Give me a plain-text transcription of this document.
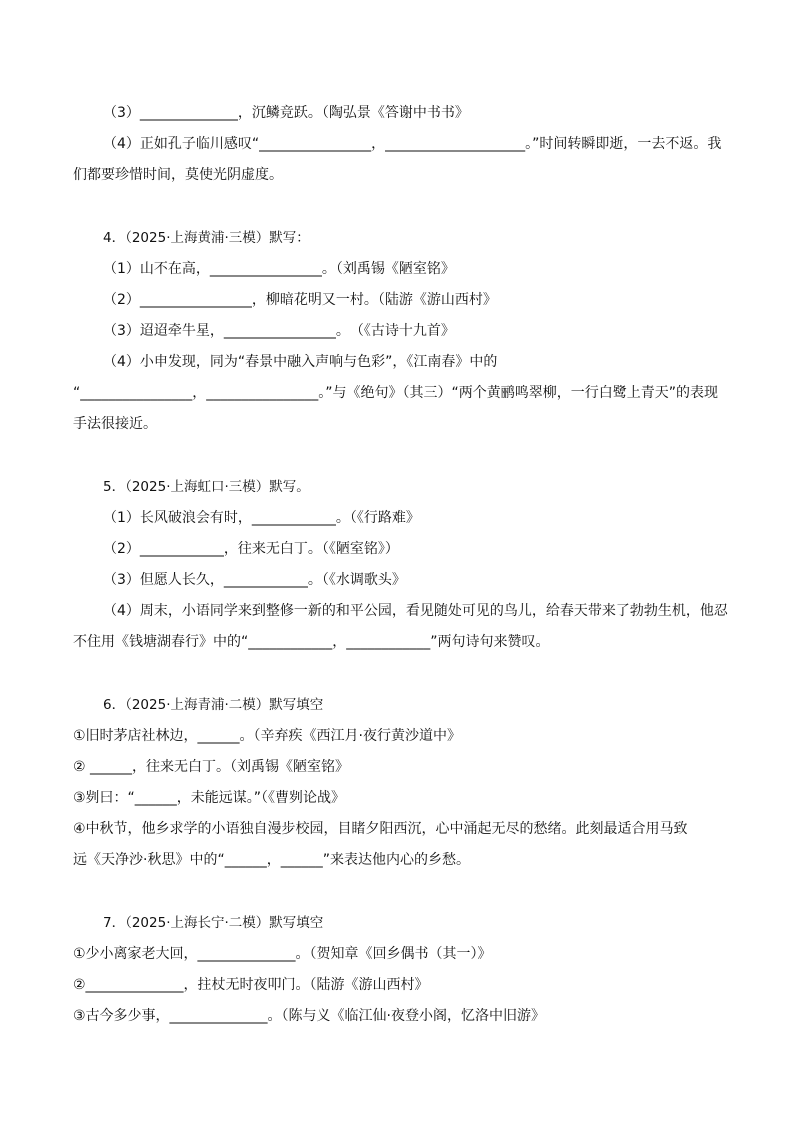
（3）______________，沉鳞竞跃。（陶弘景《答谢中书书》
（4）正如孔子临川感叹“________________，____________________。”时间转瞬即逝，一去不返。我
们都要珍惜时间，莫使光阴虚度。
4．（2025·上海黄浦·三模）默写：
（1）山不在高，________________。（刘禹锡《陋室铭》
（2）________________，柳暗花明又一村。（陆游《游山西村》
（3）迢迢牵牛星，________________。　（《古诗十九首》
（4）小申发现，同为“春景中融入声响与色彩”，《江南春》中的
“________________，________________。”与《绝句》（其三）“两个黄鹂鸣翠柳，一行白鹭上青天”的表现
手法很接近。
5．（2025·上海虹口·三模）默写。
（1）长风破浪会有时，____________。（《行路难》
（2）____________，往来无白丁。（《陋室铭》）
（3）但愿人长久，____________。（《水调歌头》
（4）周末，小语同学来到整修一新的和平公园，看见随处可见的鸟儿，给春天带来了勃勃生机，他忍
不住用《钱塘湖春行》中的“____________，____________”两句诗句来赞叹。
6．（2025·上海青浦·二模）默写填空
①旧时茅店社林边，______。（辛弃疾《西江月·夜行黄沙道中》
② ______，往来无白丁。（刘禹锡《陋室铭》
③刿曰：“______，未能远谋。”（《曹刿论战》
④中秋节，他乡求学的小语独自漫步校园，目睹夕阳西沉，心中涌起无尽的愁绪。此刻最适合用马致
远《天净沙·秋思》中的“______，______”来表达他内心的乡愁。
7．（2025·上海长宁·二模）默写填空
①少小离家老大回，______________。（贺知章《回乡偶书（其一）》
②______________，拄杖无时夜叩门。（陆游《游山西村》
③古今多少事，______________。（陈与义《临江仙·夜登小阁，忆洛中旧游》
